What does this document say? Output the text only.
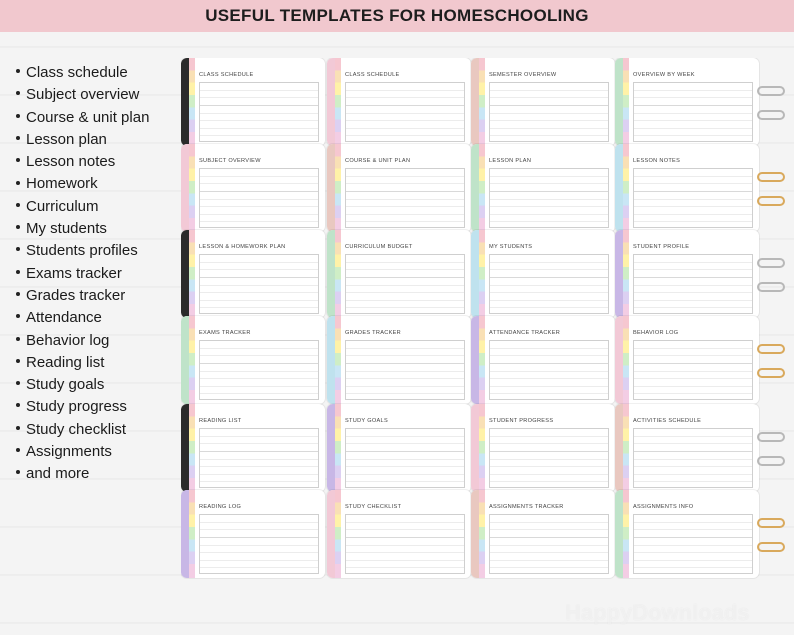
USEFUL TEMPLATES FOR HOMESCHOOLING
Class schedule
Subject overview
Course & unit plan
Lesson plan
Lesson notes
Homework
Curriculum
My students
Students profiles
Exams tracker
Grades tracker
Attendance
Behavior log
Reading list
Study goals
Study progress
Study checklist
Assignments
and more
CLASS SCHEDULE	CLASS SCHEDULE	SEMESTER OVERVIEW	OVERVIEW BY WEEK
SUBJECT OVERVIEW	COURSE & UNIT PLAN	LESSON PLAN	LESSON NOTES
LESSON & HOMEWORK PLAN	CURRICULUM BUDGET	MY STUDENTS	STUDENT PROFILE
EXAMS TRACKER	GRADES TRACKER	ATTENDANCE TRACKER	BEHAVIOR LOG
READING LIST	STUDY GOALS	STUDENT PROGRESS	ACTIVITIES SCHEDULE
READING LOG	STUDY CHECKLIST	ASSIGNMENTS TRACKER	ASSIGNMENTS INFO
HappyDownloads
